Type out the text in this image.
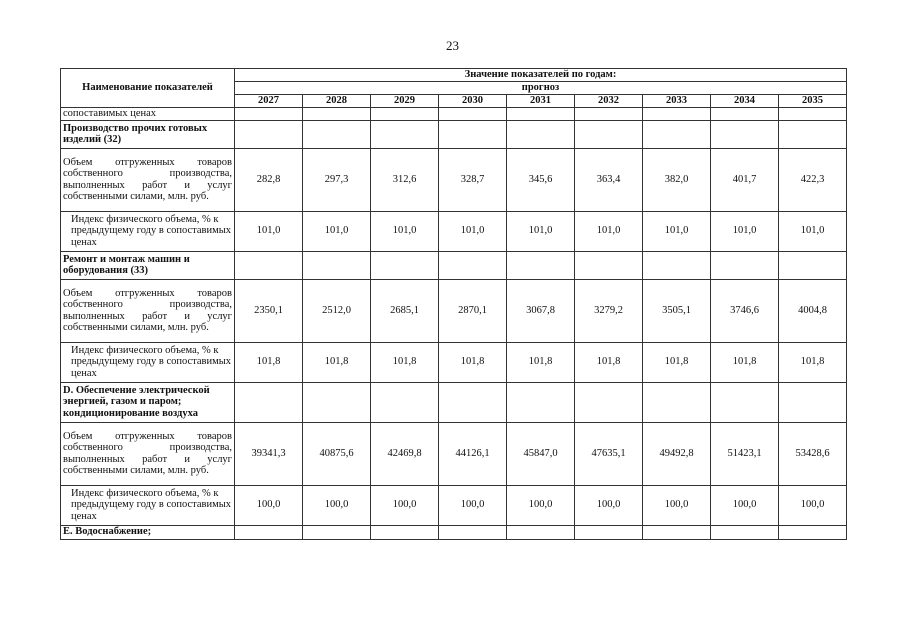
23
Наименование показателей	Значение показателей по годам:								
	прогноз								
	2027	2028	2029	2030	2031	2032	2033	2034	2035
сопоставимых ценах									
Производство прочих готовых изделий (32)									
Объем отгруженных товаров собственного производства, выполненных работ и услуг собственными силами, млн. руб.	282,8	297,3	312,6	328,7	345,6	363,4	382,0	401,7	422,3
Индекс физического объема, % к предыдущему году в сопоставимых ценах	101,0	101,0	101,0	101,0	101,0	101,0	101,0	101,0	101,0
Ремонт и монтаж машин и оборудования (33)									
Объем отгруженных товаров собственного производства, выполненных работ и услуг собственными силами, млн. руб.	2350,1	2512,0	2685,1	2870,1	3067,8	3279,2	3505,1	3746,6	4004,8
Индекс физического объема, % к предыдущему году в сопоставимых ценах	101,8	101,8	101,8	101,8	101,8	101,8	101,8	101,8	101,8
D. Обеспечение электрической энергией, газом и паром; кондиционирование воздуха									
Объем отгруженных товаров собственного производства, выполненных работ и услуг собственными силами, млн. руб.	39341,3	40875,6	42469,8	44126,1	45847,0	47635,1	49492,8	51423,1	53428,6
Индекс физического объема, % к предыдущему году в сопоставимых ценах	100,0	100,0	100,0	100,0	100,0	100,0	100,0	100,0	100,0
E. Водоснабжение;									
